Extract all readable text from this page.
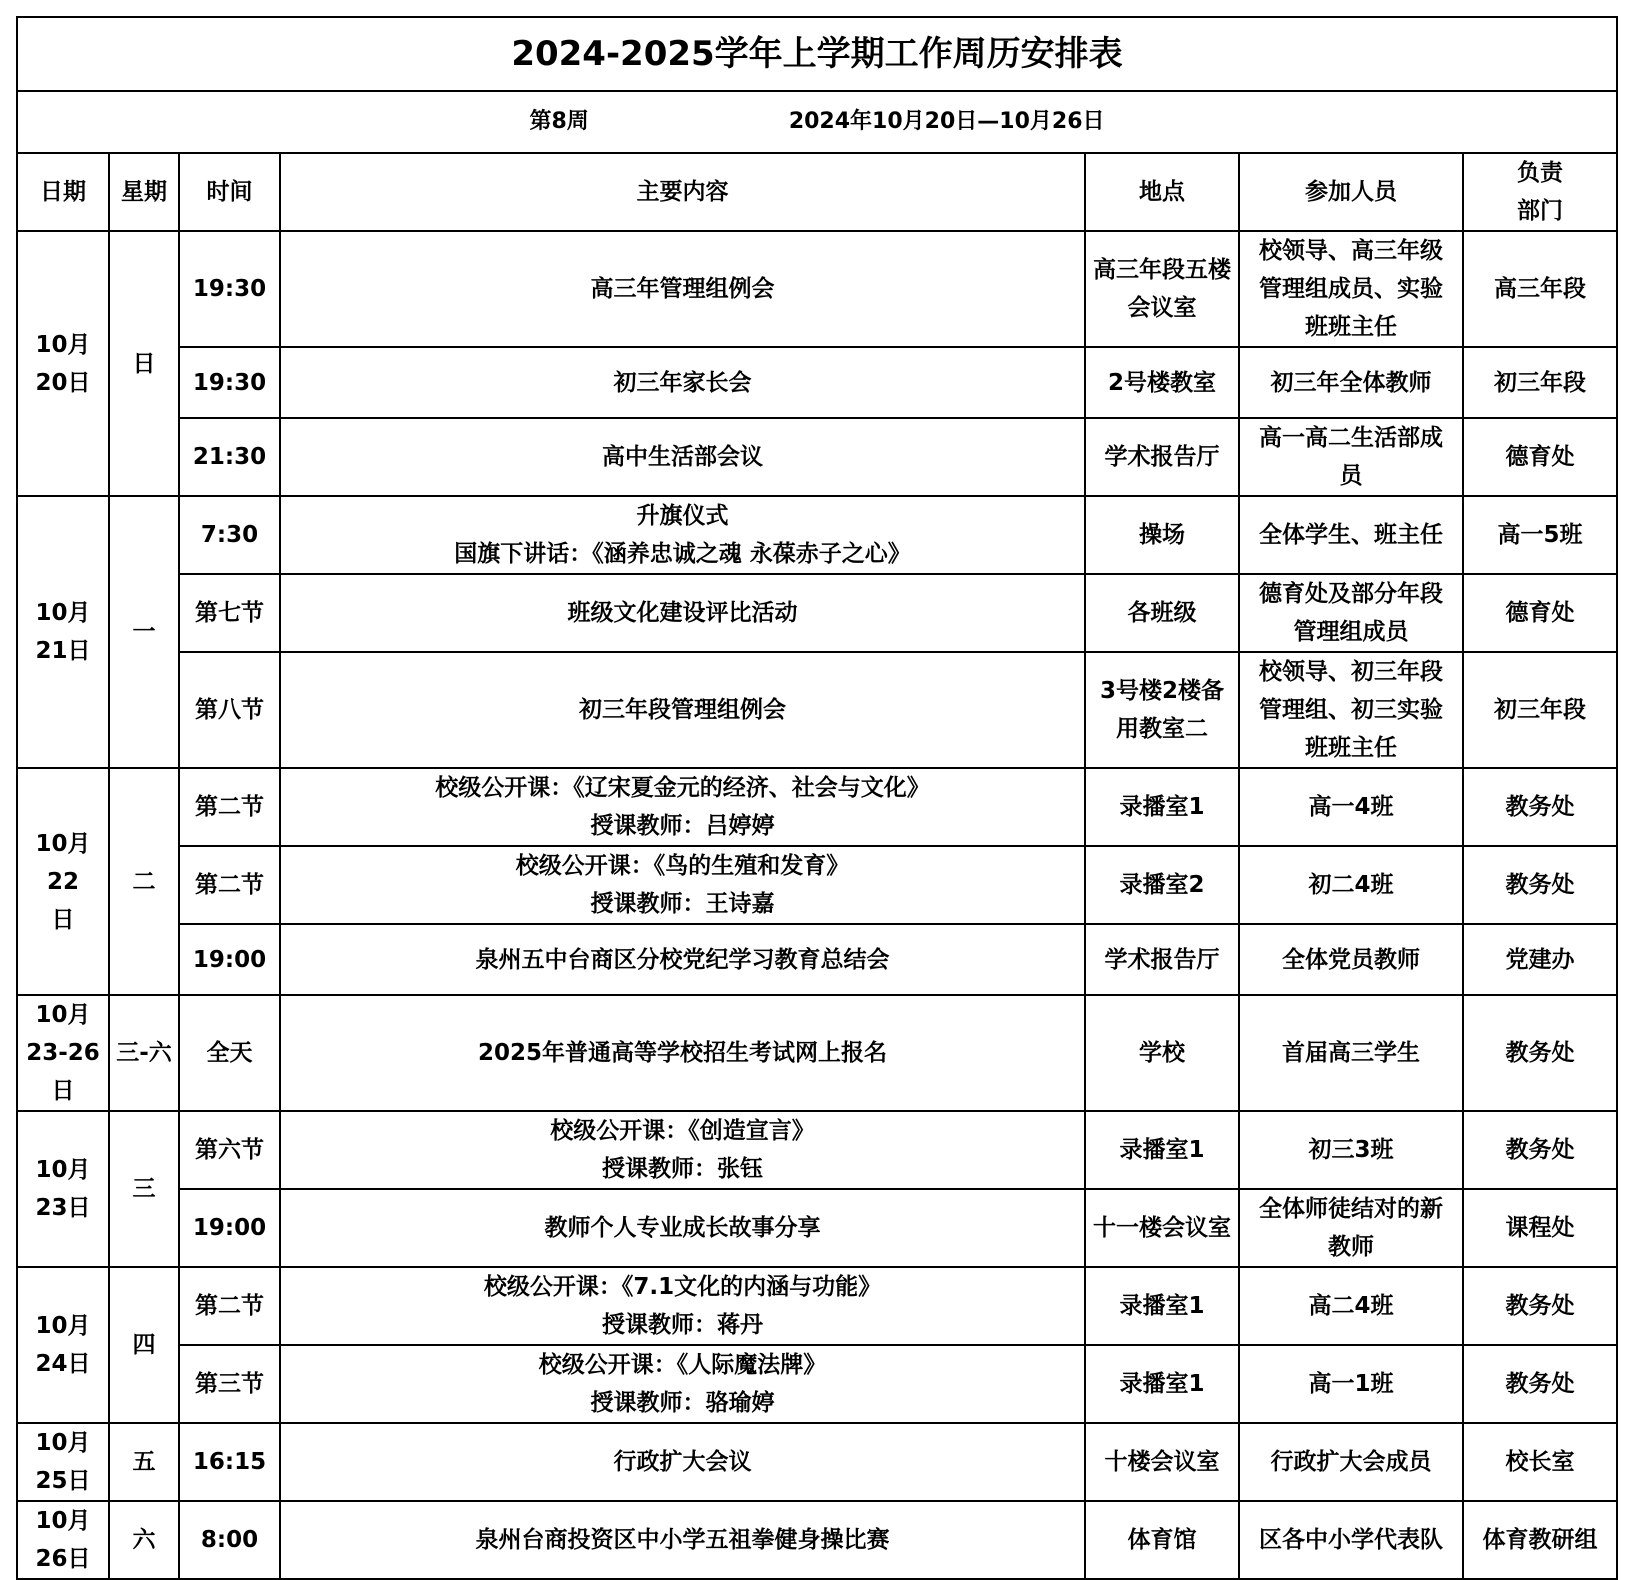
2024-2025学年上学期工作周历安排表						
第8周 2024年10月20日—10月26日						
日期	星期	时间	主要内容	地点	参加人员	负责
部门

10月
20日	日	19:30	高三年管理组例会	高三年段五楼
会议室	校领导、高三年级
管理组成员、实验
班班主任	高三年段
		19:30	初三年家长会	2号楼教室	初三年全体教师	初三年段
		21:30	高中生活部会议	学术报告厅	高一高二生活部成
员	德育处

10月
21日	一	7:30	升旗仪式
国旗下讲话：《涵养忠诚之魂 永葆赤子之心》	操场	全体学生、班主任	高一5班
		第七节	班级文化建设评比活动	各班级	德育处及部分年段
管理组成员	德育处
		第八节	初三年段管理组例会	3号楼2楼备
用教室二	校领导、初三年段
管理组、初三实验
班班主任	初三年段

10月22
日	二	第二节	校级公开课：《辽宋夏金元的经济、社会与文化》
授课教师：吕婷婷	录播室1	高一4班	教务处
		第二节	校级公开课：《鸟的生殖和发育》
授课教师：王诗嘉	录播室2	初二4班	教务处
		19:00	泉州五中台商区分校党纪学习教育总结会	学术报告厅	全体党员教师	党建办

10月
23-26
日	三-六	全天	2025年普通高等学校招生考试网上报名	学校	首届高三学生	教务处

10月
23日	三	第六节	校级公开课：《创造宣言》
授课教师：张钰	录播室1	初三3班	教务处
		19:00	教师个人专业成长故事分享	十一楼会议室	全体师徒结对的新
教师	课程处

10月
24日	四	第二节	校级公开课：《7.1文化的内涵与功能》
授课教师：蒋丹	录播室1	高二4班	教务处
		第三节	校级公开课：《人际魔法牌》
授课教师：骆瑜婷	录播室1	高一1班	教务处

10月
25日	五	16:15	行政扩大会议	十楼会议室	行政扩大会成员	校长室

10月
26日	六	8:00	泉州台商投资区中小学五祖拳健身操比赛	体育馆	区各中小学代表队	体育教研组
